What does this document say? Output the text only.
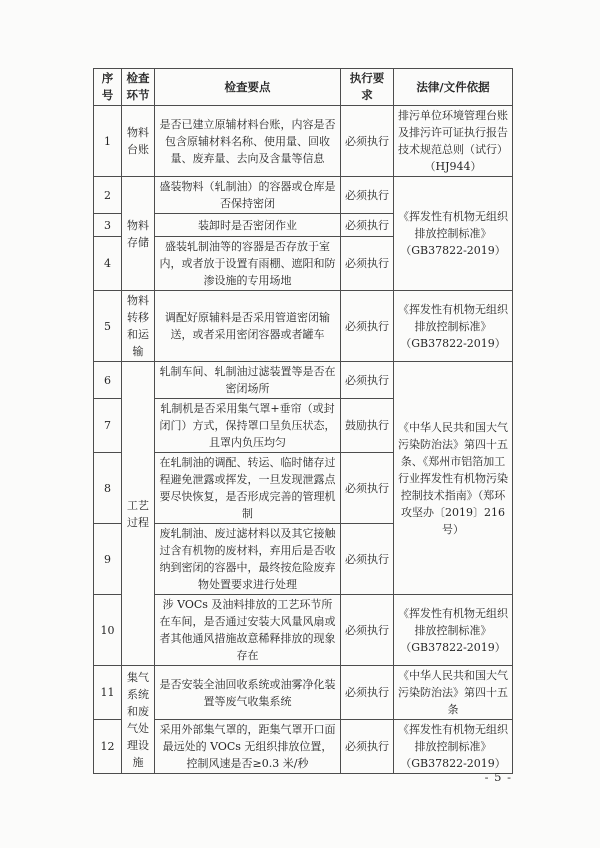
序号	检查环节	检查要点	执行要求	法律/文件依据
1	物料台账	是否已建立原辅材料台账，内容是否包含原辅材料名称、使用量、回收量、废弃量、去向及含量等信息	必须执行	排污单位环境管理台账及排污许可证执行报告技术规范总则（试行）（HJ944）
2	物料存储	盛装物料（轧制油）的容器或仓库是否保持密闭	必须执行	《挥发性有机物无组织排放控制标准》（GB37822-2019）
3		装卸时是否密闭作业	必须执行	
4		盛装轧制油等的容器是否存放于室内，或者放于设置有雨棚、遮阳和防渗设施的专用场地	必须执行	
5	物料转移和运输	调配好原辅料是否采用管道密闭输送，或者采用密闭容器或者罐车	必须执行	《挥发性有机物无组织排放控制标准》（GB37822-2019）
6	工艺过程	轧制车间、轧制油过滤装置等是否在密闭场所	必须执行	《中华人民共和国大气污染防治法》第四十五条、《郑州市铝箔加工行业挥发性有机物污染控制技术指南》（郑环攻坚办〔2019〕216 号）
7		轧制机是否采用集气罩+垂帘（或封闭门）方式，保持罩口呈负压状态，且罩内负压均匀	鼓励执行	
8		在轧制油的调配、转运、临时储存过程避免泄露或挥发，一旦发现泄露点要尽快恢复，是否形成完善的管理机制	必须执行	
9		废轧制油、废过滤材料以及其它接触过含有机物的废材料，弃用后是否收纳到密闭的容器中，最终按危险废弃物处置要求进行处理	必须执行	
10		涉 VOCs 及油料排放的工艺环节所在车间，是否通过安装大风量风扇或者其他通风措施故意稀释排放的现象存在	必须执行	《挥发性有机物无组织排放控制标准》（GB37822-2019）
11	集气系统和废气处理设施	是否安装全油回收系统或油雾净化装置等废气收集系统	必须执行	《中华人民共和国大气污染防治法》第四十五条
12		采用外部集气罩的，距集气罩开口面最远处的 VOCs 无组织排放位置，控制风速是否≥0.3 米/秒	必须执行	《挥发性有机物无组织排放控制标准》（GB37822-2019）
- 5 -
